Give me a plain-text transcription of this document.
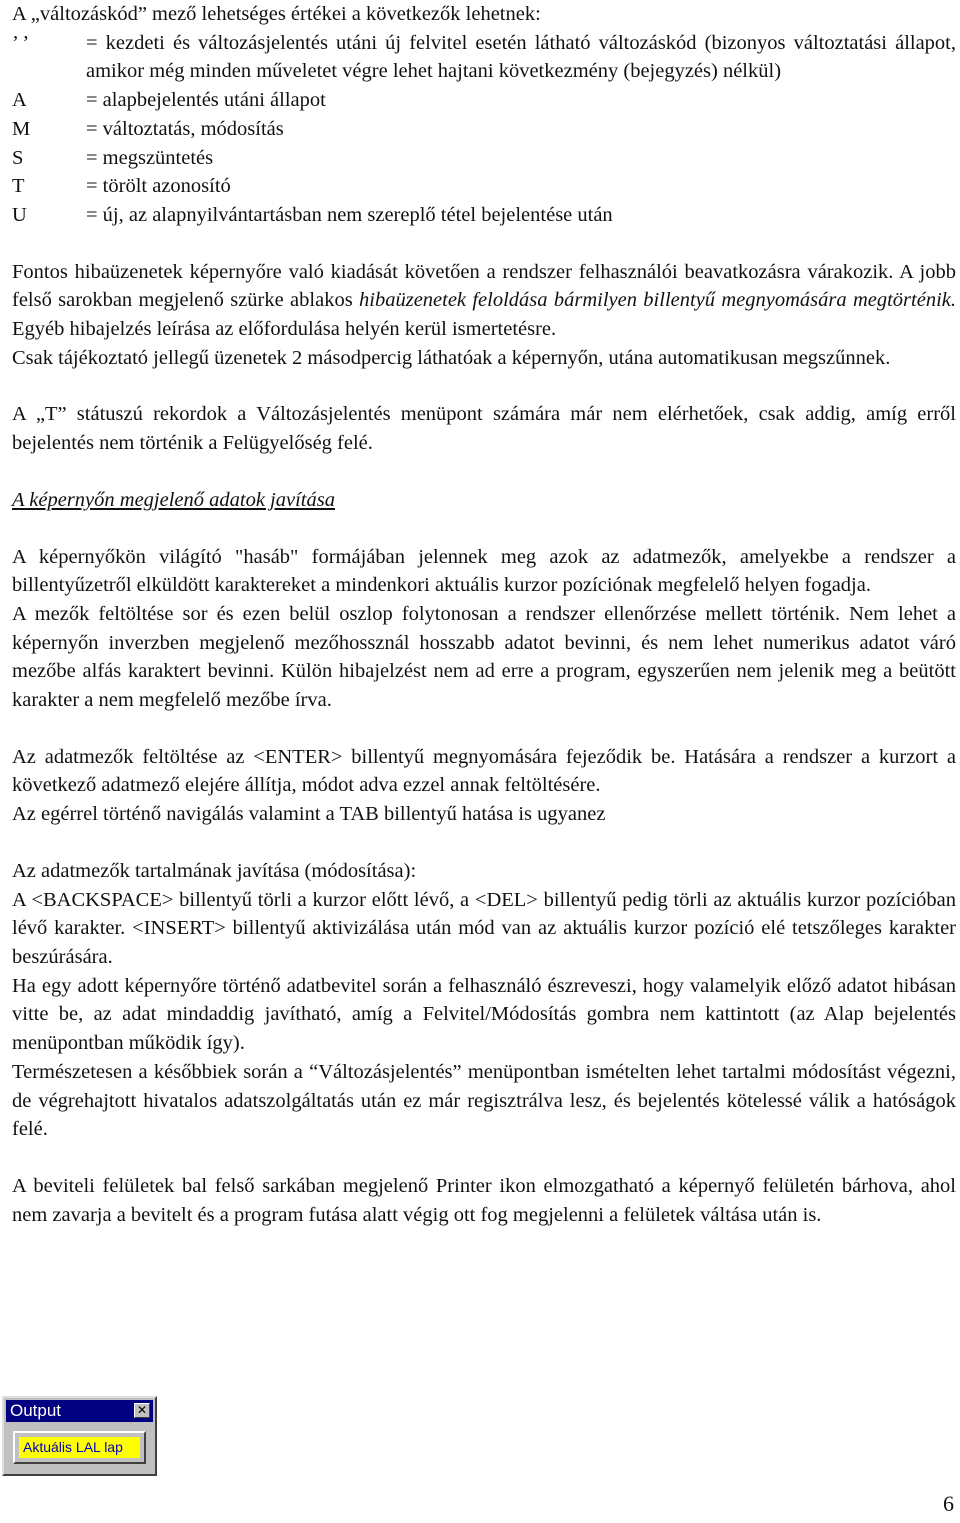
A „változáskód” mező lehetséges értékei a következők lehetnek:

’ ’	= kezdeti és változásjelentés utáni új felvitel esetén látható változáskód (bizonyos változtatási állapot, amikor még minden műveletet végre lehet hajtani következmény (bejegyzés) nélkül)
A	= alapbejelentés utáni állapot
M	= változtatás, módosítás
S	= megszüntetés
T	= törölt azonosító
U	= új, az alapnyilvántartásban nem szereplő tétel bejelentése után

Fontos hibaüzenetek képernyőre való kiadását követően a rendszer felhasználói beavatkozásra várakozik. A jobb felső sarokban megjelenő szürke ablakos hibaüzenetek feloldása bármilyen billentyű megnyomására megtörténik. Egyéb hibajelzés leírása az előfordulása helyén kerül ismertetésre.

Csak tájékoztató jellegű üzenetek 2 másodpercig láthatóak a képernyőn, utána automatikusan megszűnnek.

A „T” státuszú rekordok a Változásjelentés menüpont számára már nem elérhetőek, csak addig, amíg erről bejelentés nem történik a Felügyelőség felé.

A képernyőn megjelenő adatok javítása

A képernyőkön világító "hasáb" formájában jelennek meg azok az adatmezők, amelyekbe a rendszer a billentyűzetről elküldött karaktereket a mindenkori aktuális kurzor pozíciónak megfelelő helyen fogadja.

A mezők feltöltése sor és ezen belül oszlop folytonosan a rendszer ellenőrzése mellett történik. Nem lehet a képernyőn inverzben megjelenő mezőhossznál hosszabb adatot bevinni, és nem lehet numerikus adatot váró mezőbe alfás karaktert bevinni. Külön hibajelzést nem ad erre a program, egyszerűen nem jelenik meg a beütött karakter a nem megfelelő mezőbe írva.

Az adatmezők feltöltése az <ENTER> billentyű megnyomására fejeződik be. Hatására a rendszer a kurzort a következő adatmező elejére állítja, módot adva ezzel annak feltöltésére.

Az egérrel történő navigálás valamint a TAB billentyű hatása is ugyanez

Az adatmezők tartalmának javítása (módosítása):

A <BACKSPACE> billentyű törli a kurzor előtt lévő, a <DEL> billentyű pedig törli az aktuális kurzor pozícióban lévő karakter. <INSERT> billentyű aktivizálása után mód van az aktuális kurzor pozíció elé tetszőleges karakter beszúrására.

Ha egy adott képernyőre történő adatbevitel során a felhasználó észreveszi, hogy valamelyik előző adatot hibásan vitte be, az adat mindaddig javítható, amíg a Felvitel/Módosítás gombra nem kattintott (az Alap bejelentés menüpontban működik így).

Természetesen a későbbiek során a “Változásjelentés” menüpontban ismételten lehet tartalmi módosítást végezni, de végrehajtott hivatalos adatszolgáltatás után ez már regisztrálva lesz, és bejelentés kötelessé válik a hatóságok felé.

A beviteli felületek bal felső sarkában megjelenő Printer ikon elmozgatható a képernyő felületén bárhova, ahol nem zavarja a bevitelt és a program futása alatt végig ott fog megjelenni a felületek váltása után is.

Output	✕
Aktuális LAL lap
6
